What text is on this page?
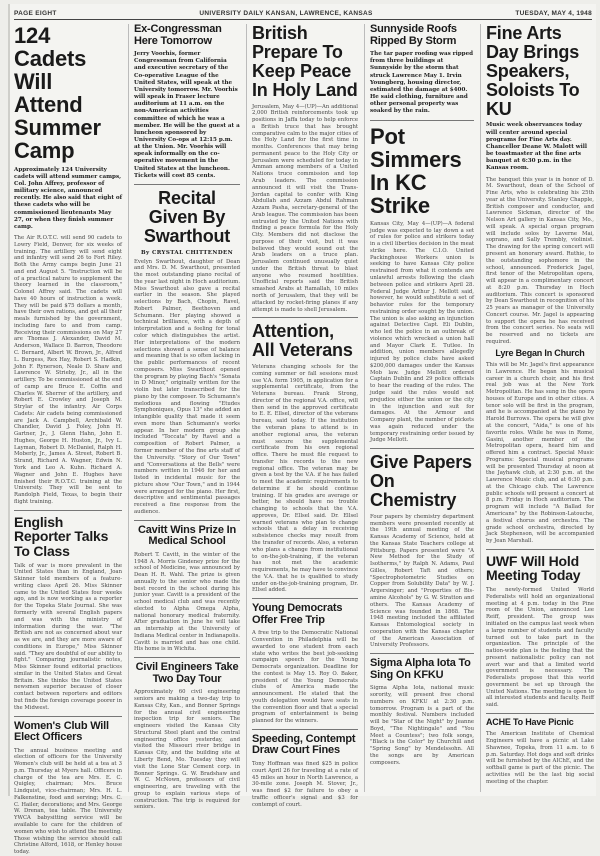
PAGE EIGHT	UNIVERSITY DAILY KANSAN, LAWRENCE, KANSAS	TUESDAY, MAY 4, 1948
124 Cadets Will Attend Summer Camp
Approximately 124 University cadets will attend summer camps, Col. John Affrey, professor of military science, announced recently. He also said that eight of these cadets who will be commissioned lieutenants May 27, or when they finish summer camp.
The Air R.O.T.C. will send 90 cadets to Lowry Field, Denver, for six weeks of training. The artillery will send eight and infantry will send 26 to Fort Riley. Both the Army camps begin June 21 and end August 5. "Instruction will be of a practical nature to supplement the theory learned in the classroom," Colonel Affrey said. The cadets will have 40 hours of instruction a week. They will be paid $75 dollars a month, have their own rations, and get all their meals furnished by the government, including fare to and from camp. Receiving their commissions on May 27 are Thomas J. Alexander, David M. Anderson, Wallace D. Barron, Theodore C. Bernard, Albert W. Brown, Jr., Alfred L. Burgess, Rex Hay, Robert S. Hadkin, John F. Rynerson, Neale D. Shaw and Lawrence W. Strieby, Jr., all in the artillery. To be commissioned at the end of camp are Bruce E. Coffin and Charles W. Sherrer of the artillery, and Robert E. Crowley and Joseph M. Strylar of the infantry. Air Corps Cadets: Air cadets being commissioned are Jack A. Campbell, Archibald W. Chandler, David J. Foley, John H. Gartner, Jr., J. Glenn Hahn, John E. Hughes, George H. Huston, Jr., Ivy L. Layman, Robert D. McDaniel, Ralph H. Moberly, Jr., James A. Street, Robert B. Strand, Richard A. Wagner, Edwin N. York and Leo A. Kuhn. Richard A. Wagner and John E. Hughes have finished their R.O.T.C. training at the University. They will be sent to Randolph Field, Texas, to begin their flight training.
English Reporter Talks To Class
Talk of war is more prevalent in the United States than in England, Joan Skinner told members of a feature-writing class April 26. Miss Skinner came to the United States four weeks ago, and is now working as a reporter for the Topeka State Journal. She was formerly with several English papers and was with the ministry of information during the war. "The British are not as concerned about war as we are, and they are more aware of conditions in Europe," Miss Skinner said. "They are doubtful of our ability to fight." Comparing journalistic notes, Miss Skinner found editorial practices similar in the United States and Great Britain. She thinks the United States newsmen superior because of closer contact between reporters and editors but finds the foreign coverage poorer in the Midwest.
Women's Club Will Elect Officers
The annual business meeting and election of officers for the University Women's club will be held at a tea at 3 p.m. Thursday at Myers hall. Officers in charge of the tea are Mrs. E. C. Quigley, chairman; Mrs. Bruce Lindquist, vice-chairman; Mrs. H. L. Falkenstine, food and serving; Mrs. C. C. Hailer, decorations; and Mrs. George W. Drenan, tea table. The University YWCA babysitting service will be available to care for the children of women who wish to attend the meeting. Those wishing the service should call Christine Alford, 1618, or Henley house today.
Ex-Congressman Here Tomorrow
Jerry Voorhis, former Congressman from California and executive secretary of the Co-operative League of the United States, will speak at the University tomorrow. Mr. Voorhis will speak in Fraser lecture auditorium at 11 a.m. on the non-American activities committee of which he was a member. He will be the guest at a luncheon sponsored by University Co-ops at 12:15 p.m. at the Union. Mr. Voorhis will speak informally on the co-operative movement in the United States at the luncheon. Tickets will cost 85 cents.
Recital Given By Swarthout
By CRYSTAL CHITTENDEN
Evelyn Swarthout, daughter of Dean and Mrs. D. M. Swarthout, presented the most outstanding piano recital of the year last night in Hoch auditorium. Miss Swarthout also gave a recital earlier in the season. She played selections by Bach, Chopin, Ravel, Robert Palmer, Beethoven and Schumann. Her playing showed a technical brilliance, with a depth of interpretation and a feeling for tonal color which distinguishes the artist. Her interpretations of the modern selections showed a sense of balance and meaning that is so often lacking in the public performances of recent composers. Miss Swarthout opened the program by playing Bach's "Sonata in D Minor," originally written for the violin but later transcribed for the piano by the composer. To Schumann's melodious and flowing "Etudes Symphoniques, Opus 13" she added an intangible quality that made it seem even more than Schumann's works appear. In her modern group she included "Toccata" by Ravel and a composition of Robert Palmer, a former member of the fine arts staff of the University. "Story of Our Town" and "Conversations at the Bells" were numbers written in 1946 for her and listed in incidental music for the picture show "Our Town," and in 1944 were arranged for the piano. Her first, descriptive and sentimental passages received a fine response from the audience.
Cavitt Wins Prize In Medical School
Robert T. Cavitt, in the winter of the 1948 A. Morris Gindeney prize for the school of Medicine, was announced by Dean H. R. Wahl. The prize is given annually to the senior who made the best record in the school during his junior year. Cavitt is a president of the school medical club and was recently elected to Alpha Omega Alpha, national honorary medical fraternity. After graduation in June he will take an internship at the University of Indiana Medical center in Indianapolis. Cavitt is married and has one child. His home is in Wichita.
Civil Engineers Take Two Day Tour
Approximately 60 civil engineering seniors are making a two-day trip to Kansas City, Kan., and Bonner Springs for the annual civil engineering inspection trip for seniors. The engineers visited the Kansas City Structural Steel plant and the central engineering office yesterday, and visited the Missouri river bridge in Kansas City, and the building site at Liberty Bend, Mo. Tuesday they will visit the Lone Star Cement corp. in Bonner Springs. G. W. Bradshaw and W. C. McNown, professors of civil engineering, are traveling with the group to explain various steps of construction. The trip is required for seniors.
British Prepare To Keep Peace In Holy Land
Jerusalem, May 4—(UP)—An additional 2,000 British reinforcements took up positions in Jaffa today to help enforce a British truce that has brought comparative calm to the major cities of the Holy Land for the first time in months. Conferences that may bring permanent peace to the Holy City or Jerusalem were scheduled for today in Amman among members of a United Nations truce commission and top Arab leaders. The commission announced it will visit the Trans-Jordan capital to confer with King Abdullah and Azzam Abdul Rahman Azzam Pasha, secretary-general of the Arab league. The commission has been entrusted by the United Nations with finding a peace formula for the Holy City. Members did not disclose the purpose of their visit, but it was believed they would sound out the Arab leaders on a truce plan. Jerusalem continued unusually quiet under the British threat to blast anyone who resumed hostilities. Unofficial reports said the British smashed Arabs at Ramallah, 10 miles north of Jerusalem, that they will be attacked by rocket-firing planes if any attempt is made to shell Jerusalem.
Attention, All Veterans
Veterans changing schools for the coming summer or fall sessions must use V.A. form 1905, in application for a supplemental certificate, from the Veterans bureau. Frank Strong, director of the regional V.A. office, will then send in the approved certificate to E. E. Ellsel, director of the veterans bureau, said today. If the institution the veteran plans to attend is in another regional area, the veteran must secure the supplemental certificate from his own regional office. There he must file request to transfer his records to the new regional office. The veteran may be given a test by the V.A. if he has failed to meet the academic requirements to determine if he should continue training. If his grades are average or better, he should have no trouble changing to schools that the V.A. approves, Dr. Ellsel said. Dr. Ellsel warned veterans who plan to change schools that a delay in receiving subsistence checks may result from the transfer of records. Also, a veteran who plans a change from institutional to on-the-job-training, if the veteran has not met the academic requirements, he may have to convince the V.A. that he is qualified to study under on-the-job-training program, Dr. Ellsel added.
Young Democrats Offer Free Trip
A free trip to the Democratic National Convention in Philadelphia will be awarded to one student from each state who writes the best job-seeking campaign speech for the Young Democrats organization. Deadline for the contest is May 15. Roy O. Baker, president of the Young Democrats clubs of America made the announcement. He stated that the youth delegation would have seats in the convention floor and that a special program of entertainment is being planned for the winners.
Speeding, Contempt Draw Court Fines
Tony Hoffman was fined $25 in police court April 26 for traveling at a rate of 45 miles an hour in North Lawrence, a 30-mile zone. Joseph M. Stover, Jr., was fined $2 for failure to obey a traffic officer's signal and $3 for contempt of court.
Sunnyside Roofs Ripped By Storm
The tar paper roofing was ripped from three buildings at Sunnyside by the storm that struck Lawrence May 1. Irvin Youngberg, housing director, estimated the damage at $400. He said clothing, furniture and other personal property was soaked by the rain.
Pot Simmers In KC Strike
Kansas City, May 4—(UP)—A federal judge was expected to lay down a set of rules for police and strikers today in a civil liberties decision in the meat strike here. The C.I.O. United Packinghouse Workers union is seeking to have Kansas City police restrained from what it contends are unlawful arrests following the clash between police and strikers April 28. Federal Judge Arthur J. Mellott said, however, he would substitute a set of behavior rules for the temporary restraining order sought by the union. The union is also asking an injunction against Detective Capt. Eli Dublin, who led the police in an outbreak of violence which wrecked a union hall and Mayor Clark E. Tutlee. In addition, union members allegedly injured by police clubs have asked $200,000 damages under the Kansas Mob law. Judge Mellott ordered Captain Dublin and 29 police officials to hear the reading of the rules. The judge said the rules would not prejudice either the union or the city in the injunction and suit for damages. At the Armour and Company plant, the number of pickets was again reduced under the temporary restraining order issued by Judge Mellott.
Give Papers On Chemistry
Four papers by chemistry department members were presented recently at the 19th annual meeting of the Kansas Academy of Science, held at the Kansas State Teachers college at Pittsburg. Papers presented were "A New Method for the Study of Isotherms," by Ralph N. Adams, Paul Gilles, Robert Taft and others; "Spectrophotometric Studies on Copper from Solubility Data" by W. J. Argersinger; and "Properties of Bis-amine Alcohols" by G. W. Stratton and others. The Kansas Academy of Science was founded in 1868. The 1948 meeting included the affiliated Kansas Entomological society in cooperation with the Kansas chapter of the American Association of University Professors.
Sigma Alpha Iota To Sing On KFKU
Sigma Alpha Iota, national music sorority, will present free choral numbers on KFKU at 2:30 p.m. tomorrow. Program is a part of the monthly festival. Numbers included will be "Star of the Night" by Jeanne Boyd, "The Nightingale" and "You Meet a Countess"; two folk songs, "Black is the Color" by Churchill and "Spring Song" by Mendelssohn. All the songs are by American composers.
Fine Arts Day Brings Speakers, Soloists To KU
Music week observances today will center around special programs for Fine Arts day. Chancellor Deane W. Malott will be toastmaster at the fine arts banquet at 6:30 p.m. in the Kansas room.
The banquet this year is in honor of D. M. Swarthout, dean of the School of Fine Arts, who is celebrating his 25th year at the University. Stanley Chapple, British composer and conductor, and Lawrence Sickman, director of the Nelson Art gallery in Kansas City, Mo., will speak. A special organ program will include solos by Laverne Mai, soprano, and Sally Trembly, violinist. The drawing for the spring concert will present an honorary award. Ruthie, to the outstanding sophomore in the school, announced. Frederick Jagel, first tenor of the Metropolitan opera, will appear in a complimentary concert at 8:20 p.m. Thursday in Hoch auditorium. This concert is sponsored by Dean Swarthout in recognition of his 25 years as manager of the University Concert course. Mr. Jagel is appearing to support the opera he has received from the concert series. No seats will be reserved and no tickets are required.
Lyre Began In Church
This will be Mr. Jagel's first appearance in Lawrence. He began his musical career in a church choir, and his first real job was at the New York Metropolitan. He has sung in the opera houses of Europe and in other cities. A tenor solo will be first in the program, and he is accompanied at the piano by Harold Burrows. The opera he will give at the concert, "Aida," is one of his favorite roles. While he was in Rome, Gasini, another member of the Metropolitan opera, heard him and offered him a contract. Special Music Programs: Special musical programs will be presented Thursday at noon at the Jayhawk club, at 2:30 p.m. at the Lawrence Music club, and at 6:30 p.m. at the Chicago club. The Lawrence public schools will present a concert at 8 p.m. Friday in Hoch auditorium. The program will include "A Ballad for Americans" by the Robinson-Latouche, a festival chorus and orchestra. The grade school orchestra, directed by Jack Stephenson, will be accompanied by Jean Marshall.
UWF Will Hold Meeting Today
The newly-formed United World Federalists will hold an organizational meeting at 4 p.m. today in the Pine room of the Union, announced Lee Reiff, president. The group was initiated on the campus last week when a large number of students and faculty turned out to take part in the organization. The principle of the nation-wide plan is the feeling that the present nationalistic policy can not avert war and that a limited world government is necessary. The Federalists propose that this world government be set up through the United Nations. The meeting is open to all interested students and faculty. Reiff said.
ACHE To Have Picnic
The American Institute of Chemical Engineers will have a picnic at Lake Shawnee, Topeka, from 11 a.m. to 6 p.m. Saturday. Hot dogs and soft drinks will be furnished by the AIChE, and the softball game is part of the picnic. The activities will be the last big social meeting of the chapter.
